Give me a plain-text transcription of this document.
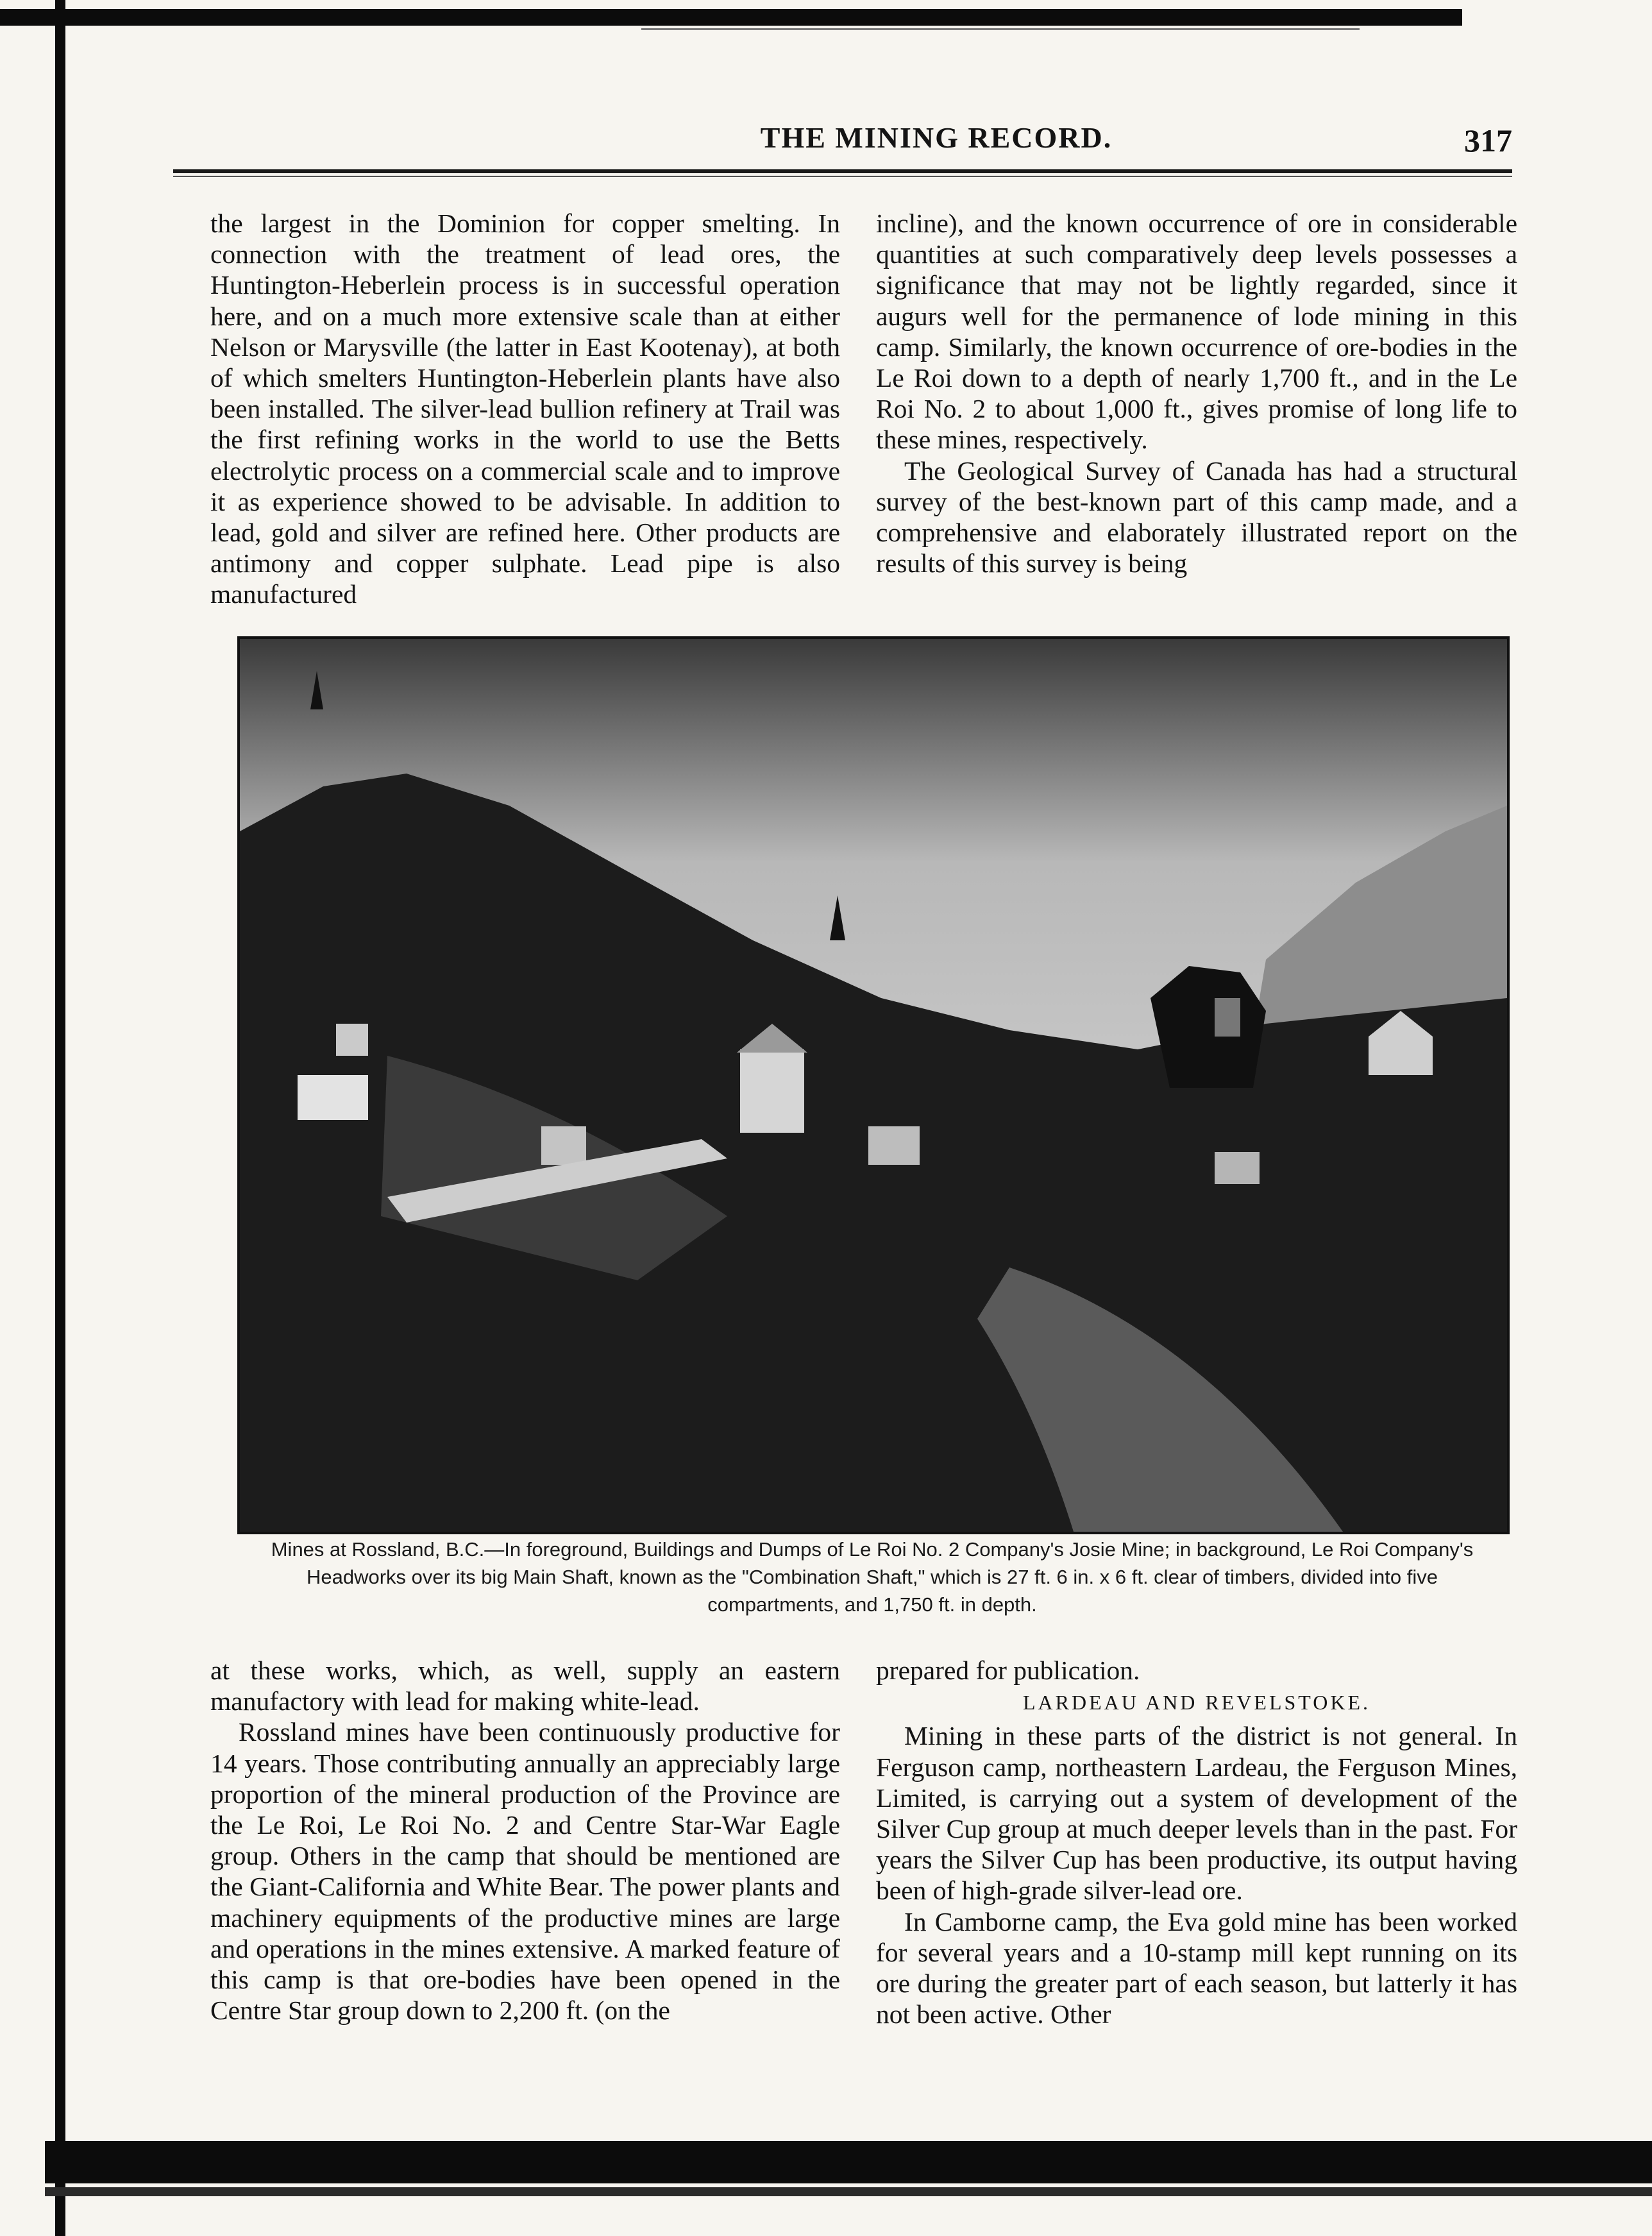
THE MINING RECORD.	317

the largest in the Dominion for copper smelting. In connection with the treatment of lead ores, the Huntington-Heberlein process is in successful operation here, and on a much more extensive scale than at either Nelson or Marysville (the latter in East Kootenay), at both of which smelters Huntington-Heberlein plants have also been installed. The silver-lead bullion refinery at Trail was the first refining works in the world to use the Betts electrolytic process on a commercial scale and to improve it as experience showed to be advisable. In addition to lead, gold and silver are refined here. Other products are antimony and copper sulphate. Lead pipe is also manufactured

incline), and the known occurrence of ore in considerable quantities at such comparatively deep levels possesses a significance that may not be lightly regarded, since it augurs well for the permanence of lode mining in this camp. Similarly, the known occurrence of ore-bodies in the Le Roi down to a depth of nearly 1,700 ft., and in the Le Roi No. 2 to about 1,000 ft., gives promise of long life to these mines, respectively.

The Geological Survey of Canada has had a structural survey of the best-known part of this camp made, and a comprehensive and elaborately illustrated report on the results of this survey is being

Mines at Rossland, B.C.—In foreground, Buildings and Dumps of Le Roi No. 2 Company's Josie Mine; in background, Le Roi Company's Headworks over its big Main Shaft, known as the "Combination Shaft," which is 27 ft. 6 in. x 6 ft. clear of timbers, divided into five compartments, and 1,750 ft. in depth.

at these works, which, as well, supply an eastern manufactory with lead for making white-lead.

Rossland mines have been continuously productive for 14 years. Those contributing annually an appreciably large proportion of the mineral production of the Province are the Le Roi, Le Roi No. 2 and Centre Star-War Eagle group. Others in the camp that should be mentioned are the Giant-California and White Bear. The power plants and machinery equipments of the productive mines are large and operations in the mines extensive. A marked feature of this camp is that ore-bodies have been opened in the Centre Star group down to 2,200 ft. (on the

prepared for publication.

LARDEAU AND REVELSTOKE.

Mining in these parts of the district is not general. In Ferguson camp, northeastern Lardeau, the Ferguson Mines, Limited, is carrying out a system of development of the Silver Cup group at much deeper levels than in the past. For years the Silver Cup has been productive, its output having been of high-grade silver-lead ore.

In Camborne camp, the Eva gold mine has been worked for several years and a 10-stamp mill kept running on its ore during the greater part of each season, but latterly it has not been active. Other
